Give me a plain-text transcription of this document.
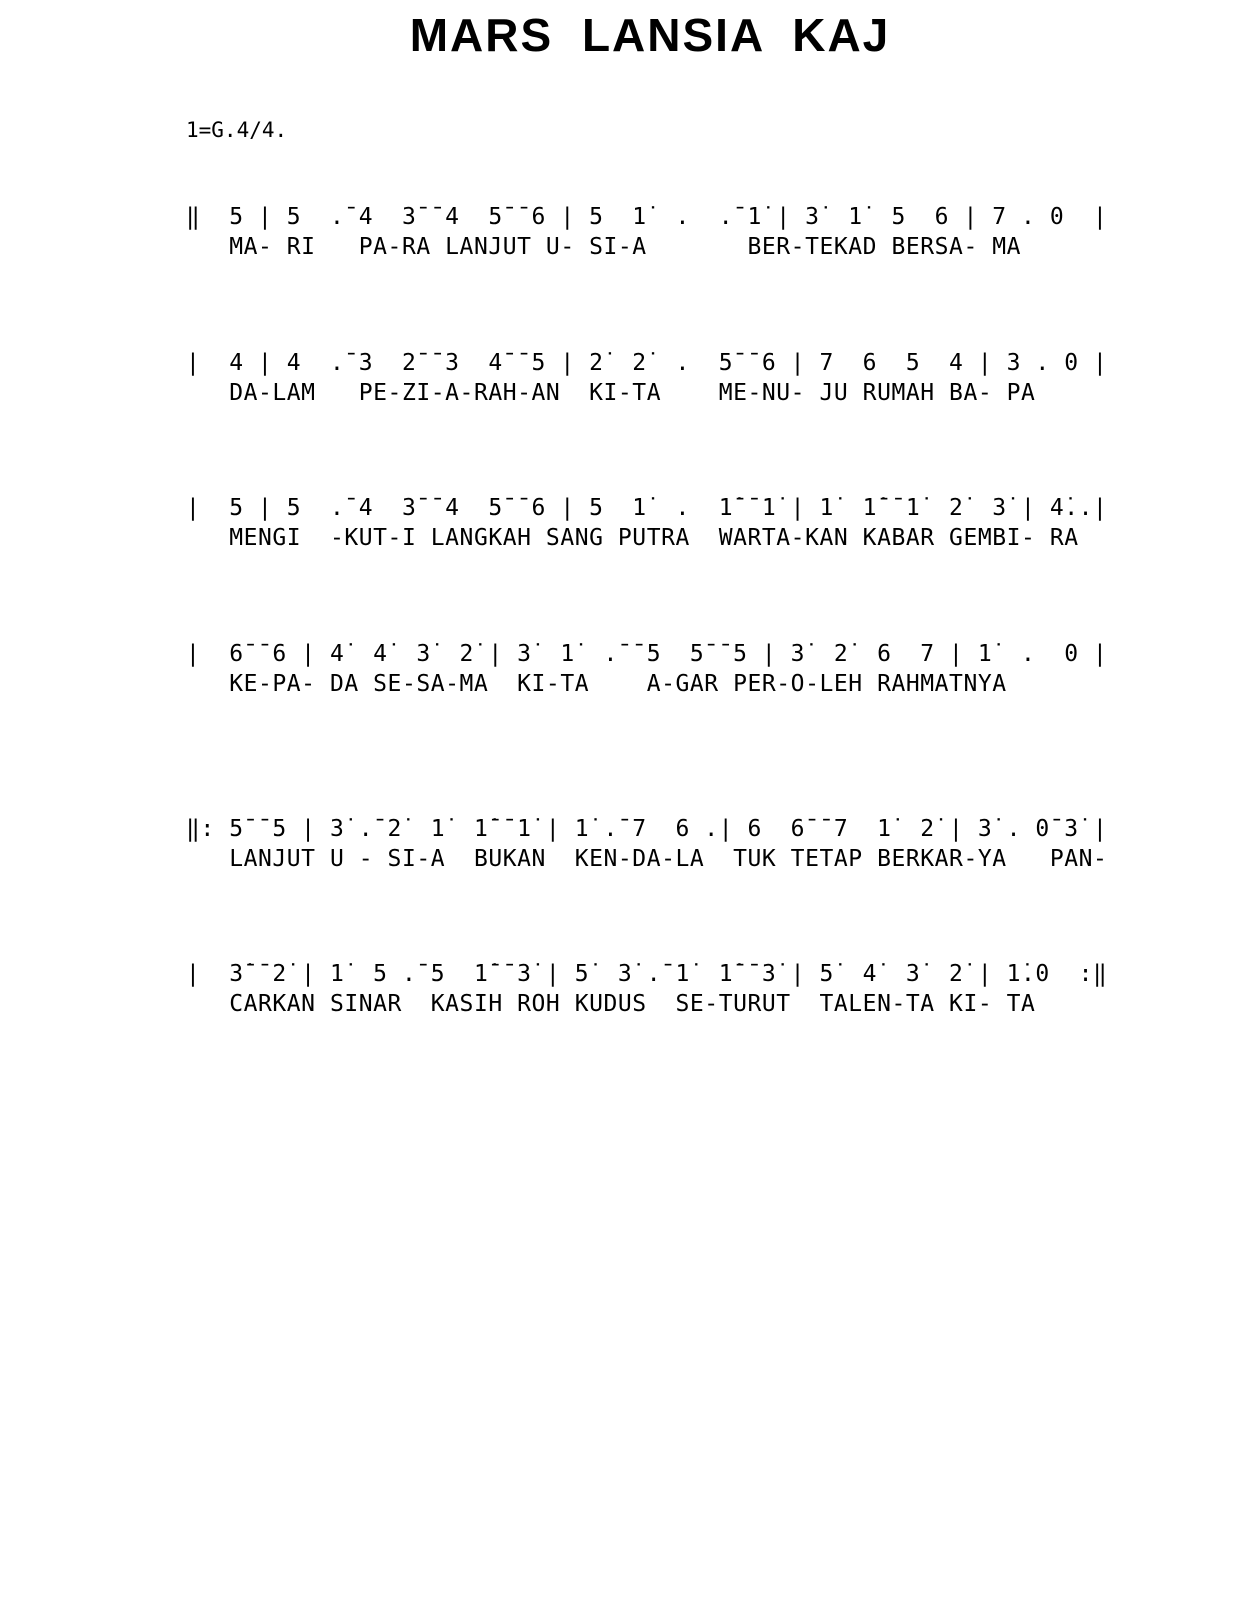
MARS LANSIA KAJ
1=G.4/4.
‖  5 | 5  .¯4  3¯¯4  5¯¯6 | 5  1̇  .  .¯1̇ | 3̇  1̇  5  6 | 7 . 0  |
MA- RI   PA-RA LANJUT U- SI-A       BER-TEKAD BERSA- MA
|  4 | 4  .¯3  2¯¯3  4¯¯5 | 2̇  2̇  .  5¯¯6 | 7  6  5  4 | 3 . 0 |
DA-LAM   PE-ZI-A-RAH-AN  KI-TA    ME-NU- JU RUMAH BA- PA
|  5 | 5  .¯4  3¯¯4  5¯¯6 | 5  1̇  .  1̇¯¯1̇ | 1̇  1̇¯¯1̇  2̇  3̇ | 4̇..|
MENGI  -KUT-I LANGKAH SANG PUTRA  WARTA-KAN KABAR GEMBI- RA
|  6¯¯6 | 4̇  4̇  3̇  2̇ | 3̇  1̇  .¯¯5  5¯¯5 | 3̇  2̇  6  7 | 1̇  .  0 |
KE-PA- DA SE-SA-MA  KI-TA    A-GAR PER-O-LEH RAHMATNYA
‖: 5¯¯5 | 3̇ .¯2̇  1̇  1̇¯¯1̇ | 1̇ .¯7  6 .| 6  6¯¯7  1̇  2̇ | 3̇ . 0¯3̇ |
LANJUT U - SI-A  BUKAN  KEN-DA-LA  TUK TETAP BERKAR-YA   PAN-
|  3̇¯¯2̇ | 1̇  5 .¯5  1̇¯¯3̇ | 5̇  3̇ .¯1̇  1̇¯¯3̇ | 5̇  4̇  3̇  2̇ | 1̇.0  :‖
CARKAN SINAR  KASIH ROH KUDUS  SE-TURUT  TALEN-TA KI- TA
